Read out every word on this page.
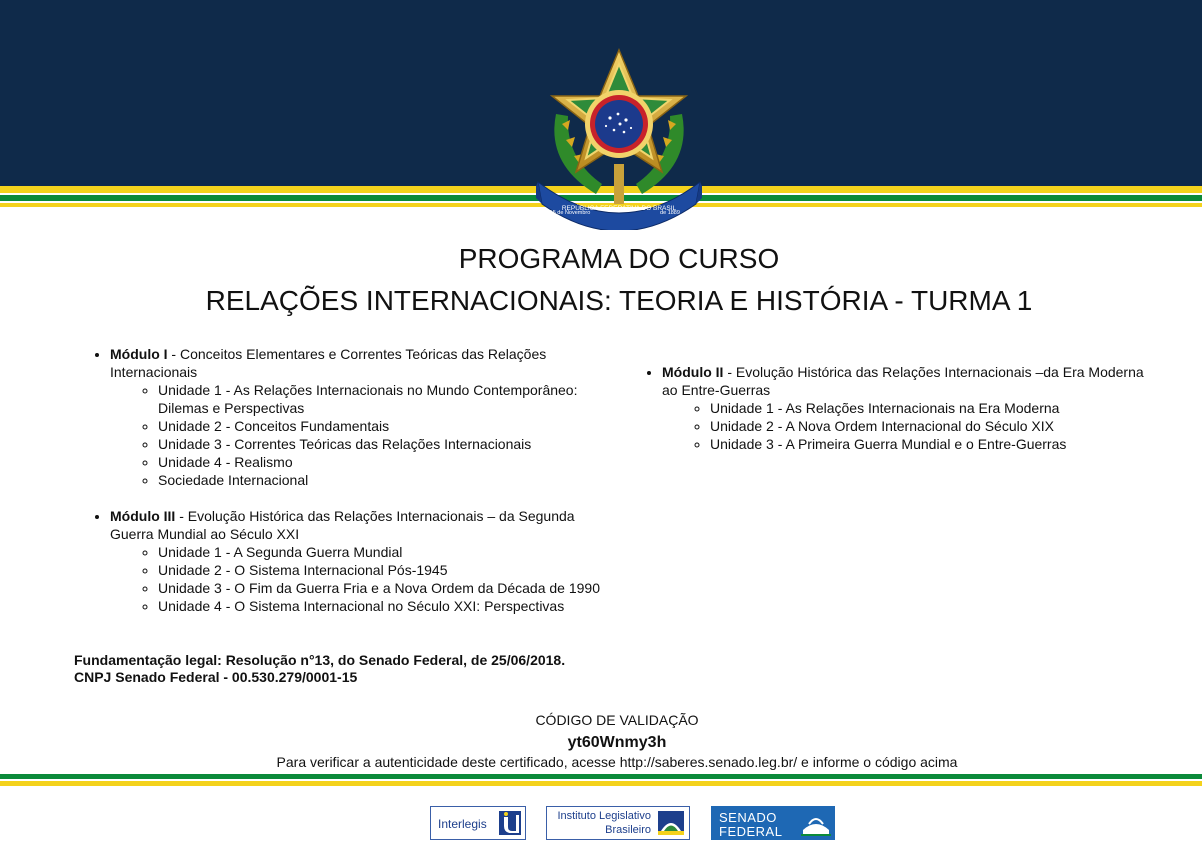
REPÚBLICA FEDERATIVA DO BRASIL
15 de Novembro	de 1889
PROGRAMA DO CURSO
RELAÇÕES INTERNACIONAIS: TEORIA E HISTÓRIA - TURMA 1
• Módulo I - Conceitos Elementares e Correntes Teóricas das Relações Internacionais
◦ Unidade 1 - As Relações Internacionais no Mundo Contemporâneo: Dilemas e Perspectivas
◦ Unidade 2 - Conceitos Fundamentais
◦ Unidade 3 - Correntes Teóricas das Relações Internacionais
◦ Unidade 4 - Realismo
◦ Sociedade Internacional
• Módulo III - Evolução Histórica das Relações Internacionais – da Segunda Guerra Mundial ao Século XXI
◦ Unidade 1 - A Segunda Guerra Mundial
◦ Unidade 2 - O Sistema Internacional Pós-1945
◦ Unidade 3 - O Fim da Guerra Fria e a Nova Ordem da Década de 1990
◦ Unidade 4 - O Sistema Internacional no Século XXI: Perspectivas
• Módulo II - Evolução Histórica das Relações Internacionais –da Era Moderna ao Entre-Guerras
◦ Unidade 1 - As Relações Internacionais na Era Moderna
◦ Unidade 2 - A Nova Ordem Internacional do Século XIX
◦ Unidade 3 - A Primeira Guerra Mundial e o Entre-Guerras
Fundamentação legal: Resolução n°13, do Senado Federal, de 25/06/2018.
CNPJ Senado Federal - 00.530.279/0001-15
CÓDIGO DE VALIDAÇÃO
yt60Wnmy3h
Para verificar a autenticidade deste certificado, acesse http://saberes.senado.leg.br/ e informe o código acima
Interlegis
Instituto Legislativo
Brasileiro
SENADO
FEDERAL
